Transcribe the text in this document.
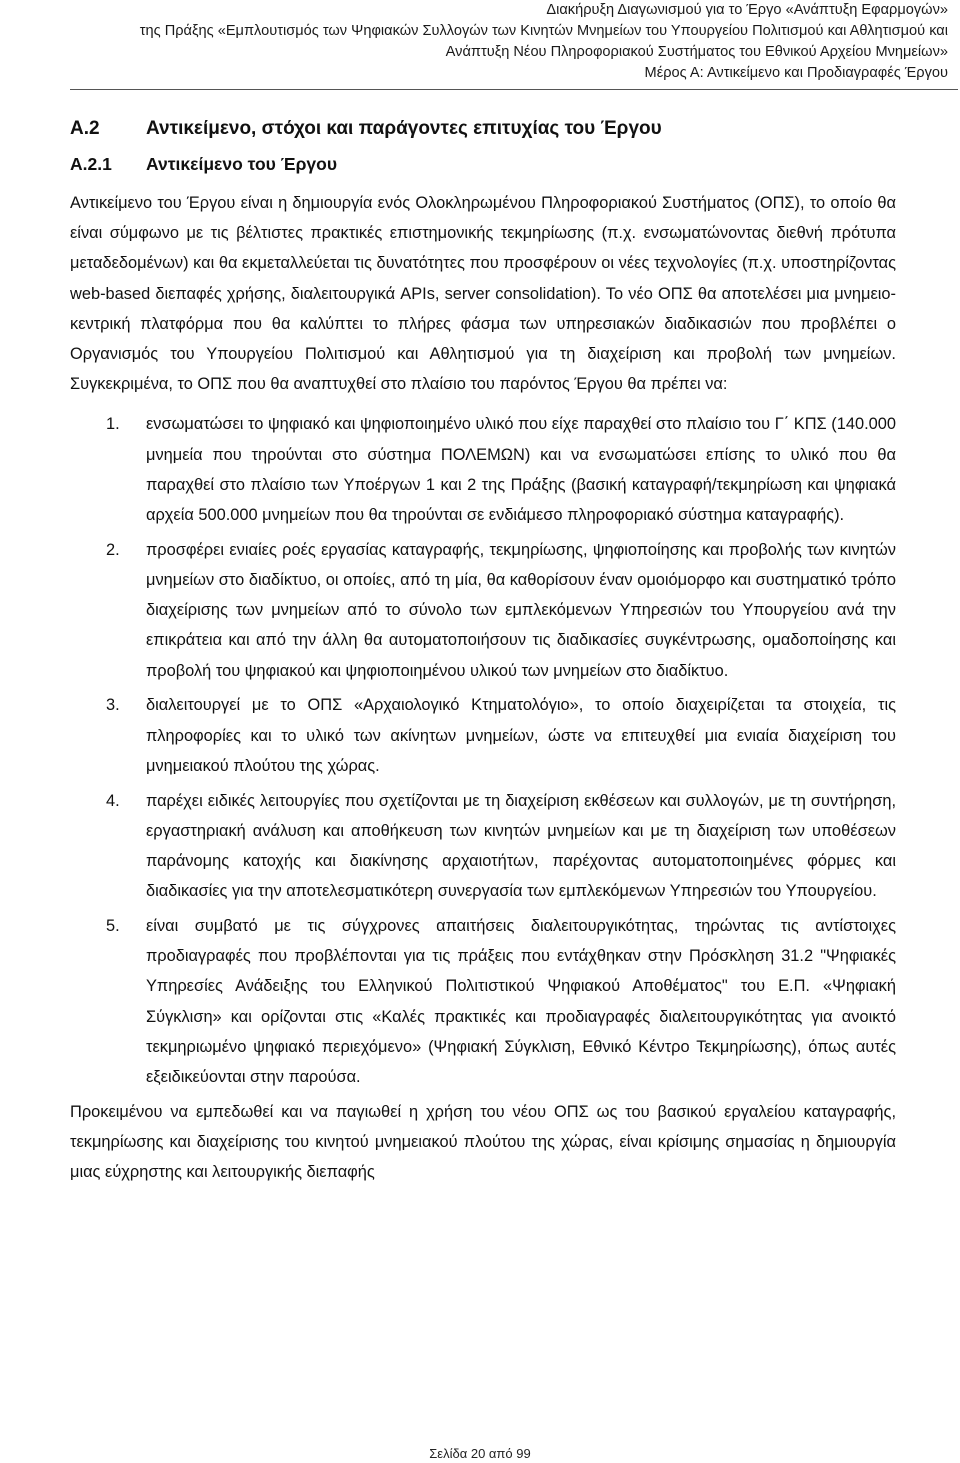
Διακήρυξη Διαγωνισμού για το Έργο «Ανάπτυξη Εφαρμογών»
της Πράξης «Εμπλουτισμός των Ψηφιακών Συλλογών των Κινητών Μνημείων του Υπουργείου Πολιτισμού και Αθλητισμού και
Ανάπτυξη Νέου Πληροφοριακού Συστήματος του Εθνικού Αρχείου Μνημείων»
Μέρος Α: Αντικείμενο και Προδιαγραφές Έργου
Α.2	Αντικείμενο, στόχοι και παράγοντες επιτυχίας του Έργου
Α.2.1	Αντικείμενο του Έργου

Αντικείμενο του Έργου είναι η δημιουργία ενός Ολοκληρωμένου Πληροφοριακού Συστήματος (ΟΠΣ), το οποίο θα είναι σύμφωνο με τις βέλτιστες πρακτικές επιστημονικής τεκμηρίωσης (π.χ. ενσωματώνοντας διεθνή πρότυπα μεταδεδομένων) και θα εκμεταλλεύεται τις δυνατότητες που προσφέρουν οι νέες τεχνολογίες (π.χ. υποστηρίζοντας web-based διεπαφές χρήσης, διαλειτουργικά APIs, server consolidation). Το νέο ΟΠΣ θα αποτελέσει μια μνημειο-κεντρική πλατφόρμα που θα καλύπτει το πλήρες φάσμα των υπηρεσιακών διαδικασιών που προβλέπει ο Οργανισμός του Υπουργείου Πολιτισμού και Αθλητισμού για τη διαχείριση και προβολή των μνημείων. Συγκεκριμένα, το ΟΠΣ που θα αναπτυχθεί στο πλαίσιο του παρόντος Έργου θα πρέπει να:

1.	ενσωματώσει το ψηφιακό και ψηφιοποιημένο υλικό που είχε παραχθεί στο πλαίσιο του Γ΄ ΚΠΣ (140.000 μνημεία που τηρούνται στο σύστημα ΠΟΛΕΜΩΝ) και να ενσωματώσει επίσης το υλικό που θα παραχθεί στο πλαίσιο των Υποέργων 1 και 2 της Πράξης (βασική καταγραφή/τεκμηρίωση και ψηφιακά αρχεία 500.000 μνημείων που θα τηρούνται σε ενδιάμεσο πληροφοριακό σύστημα καταγραφής).
2.	προσφέρει ενιαίες ροές εργασίας καταγραφής, τεκμηρίωσης, ψηφιοποίησης και προβολής των κινητών μνημείων στο διαδίκτυο, οι οποίες, από τη μία, θα καθορίσουν έναν ομοιόμορφο και συστηματικό τρόπο διαχείρισης των μνημείων από το σύνολο των εμπλεκόμενων Υπηρεσιών του Υπουργείου ανά την επικράτεια και από την άλλη θα αυτοματοποιήσουν τις διαδικασίες συγκέντρωσης, ομαδοποίησης και προβολή του ψηφιακού και ψηφιοποιημένου υλικού των μνημείων στο διαδίκτυο.
3.	διαλειτουργεί με το ΟΠΣ «Αρχαιολογικό Κτηματολόγιο», το οποίο διαχειρίζεται τα στοιχεία, τις πληροφορίες και το υλικό των ακίνητων μνημείων, ώστε να επιτευχθεί μια ενιαία διαχείριση του μνημειακού πλούτου της χώρας.
4.	παρέχει ειδικές λειτουργίες που σχετίζονται με τη διαχείριση εκθέσεων και συλλογών, με τη συντήρηση, εργαστηριακή ανάλυση και αποθήκευση των κινητών μνημείων και με τη διαχείριση των υποθέσεων παράνομης κατοχής και διακίνησης αρχαιοτήτων, παρέχοντας αυτοματοποιημένες φόρμες και διαδικασίες για την αποτελεσματικότερη συνεργασία των εμπλεκόμενων Υπηρεσιών του Υπουργείου.
5.	είναι συμβατό με τις σύγχρονες απαιτήσεις διαλειτουργικότητας, τηρώντας τις αντίστοιχες προδιαγραφές που προβλέπονται για τις πράξεις που εντάχθηκαν στην Πρόσκληση 31.2 "Ψηφιακές Υπηρεσίες Ανάδειξης του Ελληνικού Πολιτιστικού Ψηφιακού Αποθέματος" του Ε.Π. «Ψηφιακή Σύγκλιση» και ορίζονται στις «Καλές πρακτικές και προδιαγραφές διαλειτουργικότητας για ανοικτό τεκμηριωμένο ψηφιακό περιεχόμενο» (Ψηφιακή Σύγκλιση, Εθνικό Κέντρο Τεκμηρίωσης), όπως αυτές εξειδικεύονται στην παρούσα.

Προκειμένου να εμπεδωθεί και να παγιωθεί η χρήση του νέου ΟΠΣ ως του βασικού εργαλείου καταγραφής, τεκμηρίωσης και διαχείρισης του κινητού μνημειακού πλούτου της χώρας, είναι κρίσιμης σημασίας η δημιουργία μιας εύχρηστης και λειτουργικής διεπαφής

Σελίδα 20 από 99
